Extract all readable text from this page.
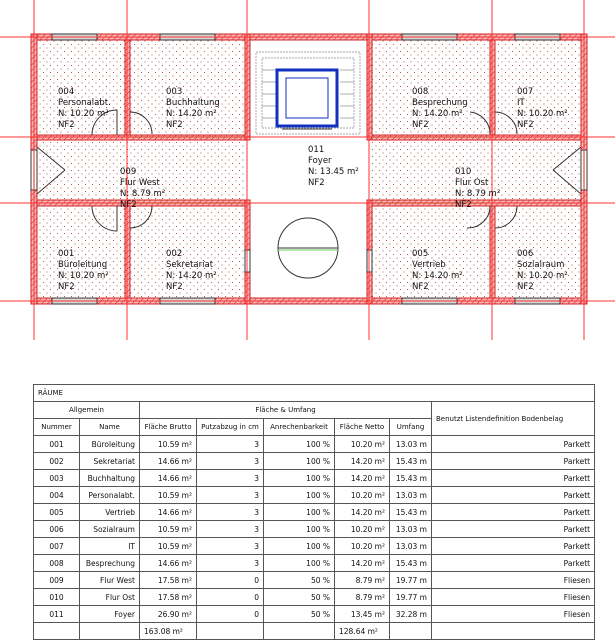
004 Personalabt. N: 10.20 m² NF2
003 Buchhaltung N: 14.20 m² NF2
008 Besprechung N: 14.20 m² NF2
007 IT N: 10.20 m² NF2
009 Flur West N: 8.79 m² NF2
011 Foyer N: 13.45 m² NF2
010 Flur Ost N: 8.79 m² NF2
001 Büroleitung N: 10.20 m² NF2
002 Sekretariat N: 14.20 m² NF2
005 Vertrieb N: 14.20 m² NF2
006 Sozialraum N: 10.20 m² NF2
RÄUME							
Allgemein		Fläche & Umfang					Benutzt Listendefinition Bodenbelag
Nummer	Name	Fläche Brutto	Putzabzug in cm	Anrechenbarkeit	Fläche Netto	Umfang	
001	Büroleitung	10.59 m²	3	100 %	10.20 m²	13.03 m	Parkett
002	Sekretariat	14.66 m²	3	100 %	14.20 m²	15.43 m	Parkett
003	Buchhaltung	14.66 m²	3	100 %	14.20 m²	15.43 m	Parkett
004	Personalabt.	10.59 m²	3	100 %	10.20 m²	13.03 m	Parkett
005	Vertrieb	14.66 m²	3	100 %	14.20 m²	15.43 m	Parkett
006	Sozialraum	10.59 m²	3	100 %	10.20 m²	13.03 m	Parkett
007	IT	10.59 m²	3	100 %	10.20 m²	13.03 m	Parkett
008	Besprechung	14.66 m²	3	100 %	14.20 m²	15.43 m	Parkett
009	Flur West	17.58 m²	0	50 %	8.79 m²	19.77 m	Fliesen
010	Flur Ost	17.58 m²	0	50 %	8.79 m²	19.77 m	Fliesen
011	Foyer	26.90 m²	0	50 %	13.45 m²	32.28 m	Fliesen
		163.08 m²			128.64 m²		
